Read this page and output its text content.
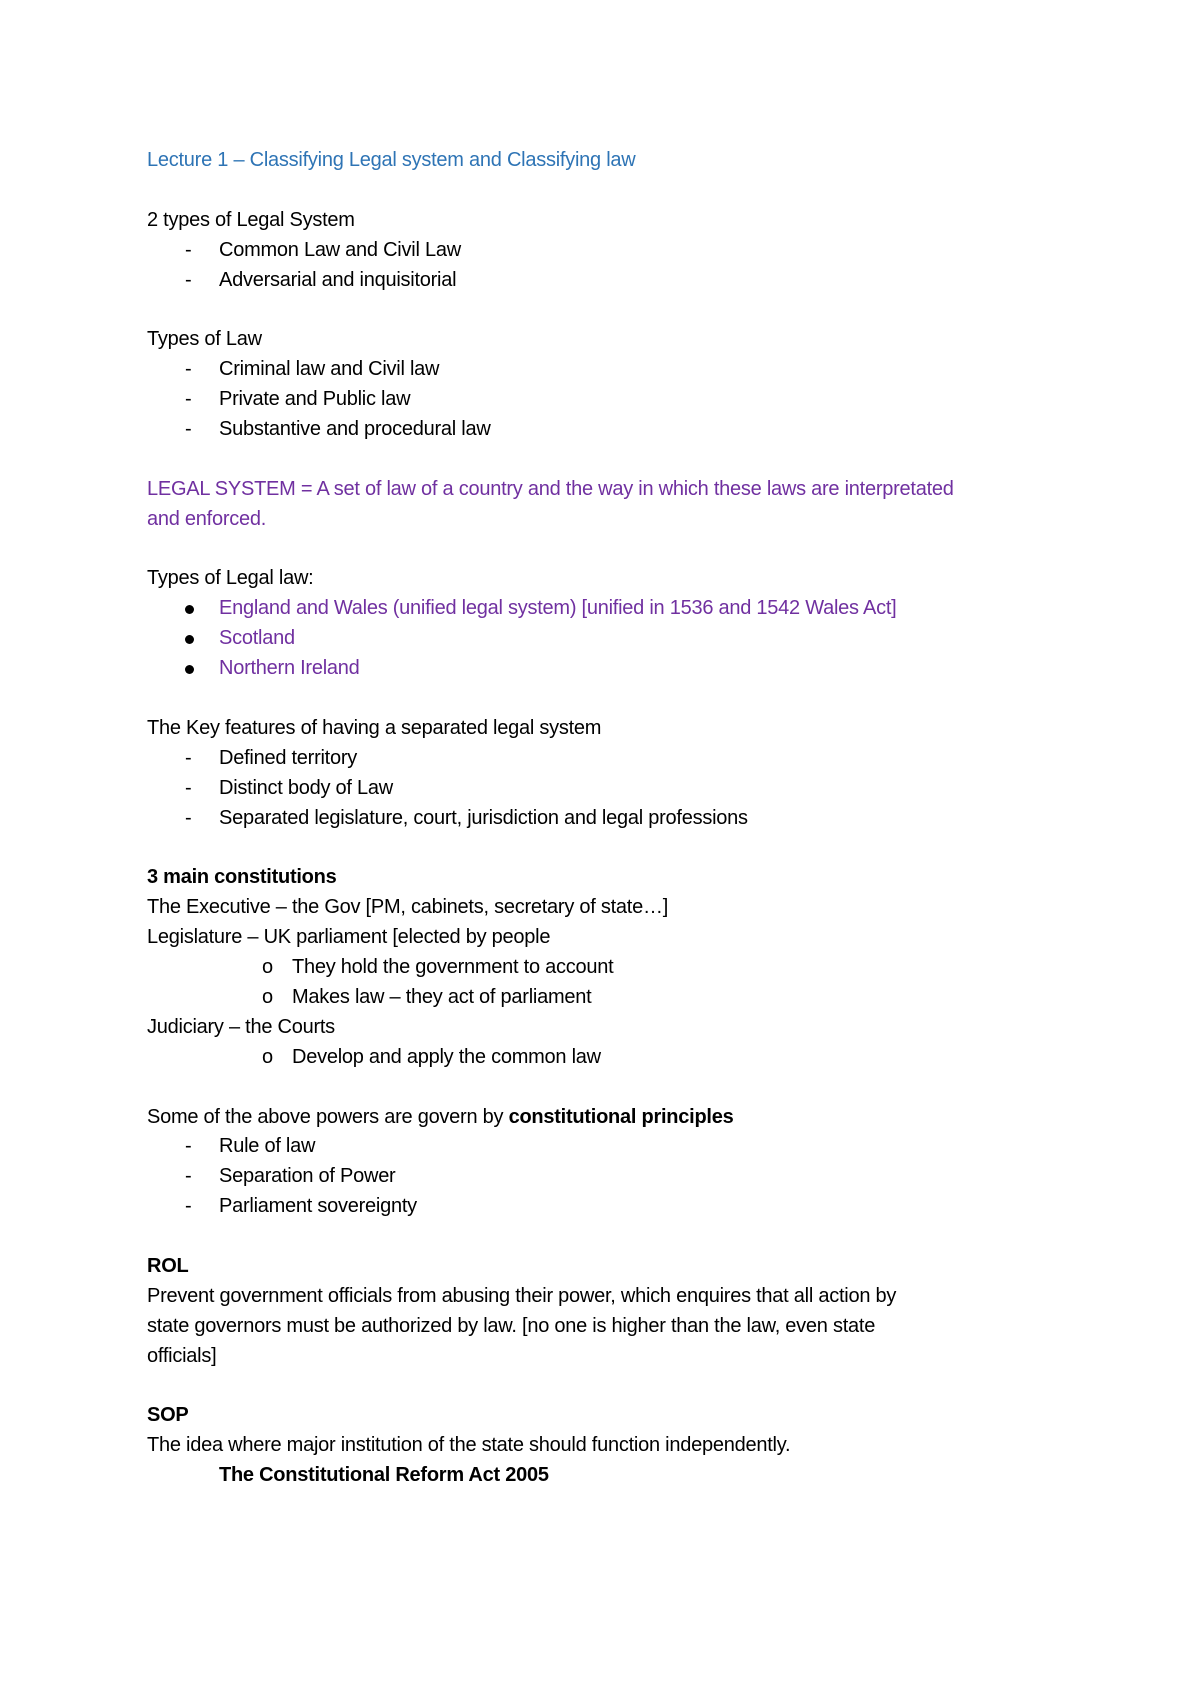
Lecture 1 – Classifying Legal system and Classifying law
2 types of Legal System
- Common Law and Civil Law
- Adversarial and inquisitorial
Types of Law
- Criminal law and Civil law
- Private and Public law
- Substantive and procedural law
LEGAL SYSTEM = A set of law of a country and the way in which these laws are interpretated
and enforced.
Types of Legal law:
England and Wales (unified legal system) [unified in 1536 and 1542 Wales Act]
Scotland
Northern Ireland
The Key features of having a separated legal system
- Defined territory
- Distinct body of Law
- Separated legislature, court, jurisdiction and legal professions
3 main constitutions
The Executive – the Gov [PM, cabinets, secretary of state…]
Legislature – UK parliament [elected by people
o They hold the government to account
o Makes law – they act of parliament
Judiciary – the Courts
o Develop and apply the common law
Some of the above powers are govern by constitutional principles
- Rule of law
- Separation of Power
- Parliament sovereignty
ROL
Prevent government officials from abusing their power, which enquires that all action by
state governors must be authorized by law. [no one is higher than the law, even state
officials]
SOP
The idea where major institution of the state should function independently.
The Constitutional Reform Act 2005
